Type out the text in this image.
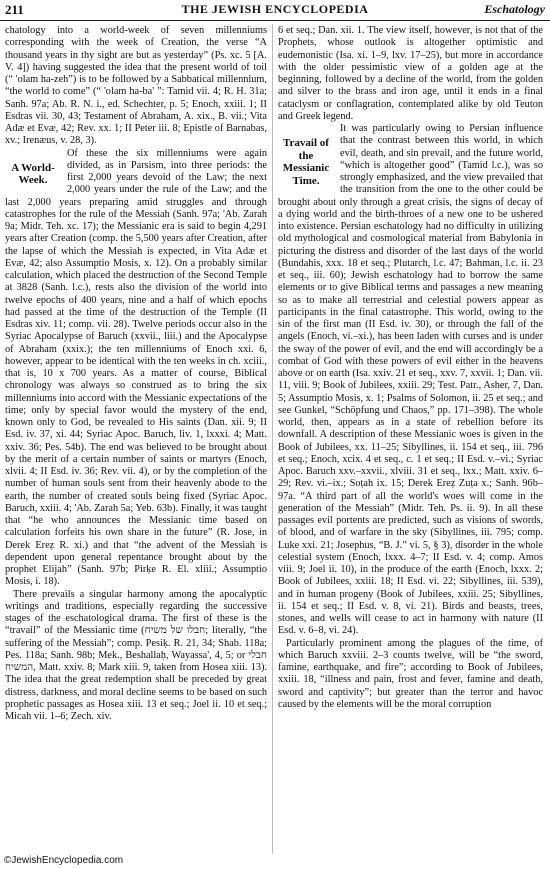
211	THE JEWISH ENCYCLOPEDIA	Eschatology

chatology into a world-week of seven millenniums corresponding with the week of Creation, the verse “A thousand years in thy sight are but as yesterday” (Ps. xc. 5 [A. V. 4]) having suggested the idea that the present world of toil (“ 'olam ha-zeh”) is to be followed by a Sabbatical millennium, “the world to come” (“ 'olam ha-ba' ”: Tamid vii. 4; R. H. 31a; Sanh. 97a; Ab. R. N. i., ed. Schechter, p. 5; Enoch, xxiii. 1; II Esdras vii. 30, 43; Testament of Abraham, A. xix., B. vii.; Vita Adæ et Evæ, 42; Rev. xx. 1; II Peter iii. 8; Epistle of Barnabas, xv.; Irenæus, v. 28, 3).

A World-Week.

Of these the six millenniums were again divided, as in Parsism, into three periods: the first 2,000 years devoid of the Law; the next 2,000 years under the rule of the Law; and the last 2,000 years preparing amid struggles and through catastrophes for the rule of the Messiah (Sanh. 97a; 'Ab. Zarah 9a; Midr. Teh. xc. 17); the Messianic era is said to begin 4,291 years after Creation (comp. the 5,500 years after Creation, after the lapse of which the Messiah is expected, in Vita Adæ et Evæ, 42; also Assumptio Mosis, x. 12). On a probably similar calculation, which placed the destruction of the Second Temple at 3828 (Sanh. l.c.), rests also the division of the world into twelve epochs of 400 years, nine and a half of which epochs had passed at the time of the destruction of the Temple (II Esdras xiv. 11; comp. vii. 28). Twelve periods occur also in the Syriac Apocalypse of Baruch (xxvii., liii.) and the Apocalypse of Abraham (xxix.); the ten millenniums of Enoch xxi. 6, however, appear to be identical with the ten weeks in ch. xciii., that is, 10 x 700 years. As a matter of course, Biblical chronology was always so construed as to bring the six millenniums into accord with the Messianic expectations of the time; only by special favor would the mystery of the end, known only to God, be revealed to His saints (Dan. xii. 9; II Esd. iv. 37, xi. 44; Syriac Apoc. Baruch, liv. 1, lxxxi. 4; Matt. xxiv. 36; Pes. 54b). The end was believed to be brought about by the merit of a certain number of saints or martyrs (Enoch, xlvii. 4; II Esd. iv. 36; Rev. vii. 4), or by the completion of the number of human souls sent from their heavenly abode to the earth, the number of created souls being fixed (Syriac Apoc. Baruch, xxiii. 4; 'Ab. Zarah 5a; Yeb. 63b). Finally, it was taught that “he who announces the Messianic time based on calculation forfeits his own share in the future” (R. Jose, in Derek Ereẓ R. xi.) and that “the advent of the Messiah is dependent upon general repentance brought about by the prophet Elijah” (Sanh. 97b; Pirḳe R. El. xliii.; Assumptio Mosis, i. 18).

There prevails a singular harmony among the apocalyptic writings and traditions, especially regarding the successive stages of the eschatological drama. The first of these is the “travail” of the Messianic time (חבלו של משיח; literally, “the suffering of the Messiah”; comp. Pesiḳ. R. 21, 34; Shab. 118a; Pes. 118a; Sanh. 98b; Mek., Beshallaḥ, Wayassa', 4, 5; or חבלי המשיח, Matt. xxiv. 8; Mark xiii. 9, taken from Hosea xiii. 13). The idea that the great redemption shall be preceded by great distress, darkness, and moral decline seems to be based on such prophetic passages as Hosea xiii. 13 et seq.; Joel ii. 10 et seq.; Micah vii. 1–6; Zech. xiv.

6 et seq.; Dan. xii. 1. The view itself, however, is not that of the Prophets, whose outlook is altogether optimistic and eudemonistic (Isa. xi. 1–9, lxv. 17–25), but more in accordance with the older pessimistic view of a golden age at the beginning, followed by a decline of the world, from the golden and silver to the brass and iron age, until it ends in a final cataclysm or conflagration, contemplated alike by old Teuton and Greek legend.

Travail of the Messianic Time.

It was particularly owing to Persian influence that the contrast between this world, in which evil, death, and sin prevail, and the future world, “which is altogether good” (Tamid l.c.), was so strongly emphasized, and the view prevailed that the transition from the one to the other could be brought about only through a great crisis, the signs of decay of a dying world and the birth-throes of a new one to be ushered into existence. Persian eschatology had no difficulty in utilizing old mythological and cosmological material from Babylonia in picturing the distress and disorder of the last days of the world (Bundahis, xxx. 18 et seq.; Plutarch, l.c. 47; Bahman, l.c. ii. 23 et seq., iii. 60); Jewish eschatology had to borrow the same elements or to give Biblical terms and passages a new meaning so as to make all terrestrial and celestial powers appear as participants in the final catastrophe. This world, owing to the sin of the first man (II Esd. iv. 30), or through the fall of the angels (Enoch, vi.–xi.), has been laden with curses and is under the sway of the power of evil, and the end will accordingly be a combat of God with these powers of evil either in the heavens above or on earth (Isa. xxiv. 21 et seq., xxv. 7, xxvii. 1; Dan. vii. 11, viii. 9; Book of Jubilees, xxiii. 29; Test. Patr., Asher, 7, Dan. 5; Assumptio Mosis, x. 1; Psalms of Solomon, ii. 25 et seq.; and see Gunkel, “Schöpfung und Chaos,” pp. 171–398). The whole world, then, appears as in a state of rebellion before its downfall. A description of these Messianic woes is given in the Book of Jubilees, xx. 11–25; Sibyllines, ii. 154 et seq., iii. 796 et seq.; Enoch, xcix. 4 et seq., c. 1 et seq.; II Esd. v.–vi.; Syriac Apoc. Baruch xxv.–xxvii., xlviii. 31 et seq., lxx.; Matt. xxiv. 6–29; Rev. vi.–ix.; Soṭah ix. 15; Derek Ereẓ Zuṭa x.; Sanh. 96b–97a. “A third part of all the world's woes will come in the generation of the Messiah” (Midr. Teh. Ps. ii. 9). In all these passages evil portents are predicted, such as visions of swords, of blood, and of warfare in the sky (Sibyllines, iii. 795; comp. Luke xxi. 21; Josephus, “B. J.” vi. 5, § 3), disorder in the whole celestial system (Enoch, lxxx. 4–7; II Esd. v. 4; comp. Amos viii. 9; Joel ii. 10), in the produce of the earth (Enoch, lxxx. 2; Book of Jubilees, xxiii. 18; II Esd. vi. 22; Sibyllines, iii. 539), and in human progeny (Book of Jubilees, xxiii. 25; Sibyllines, ii. 154 et seq.; II Esd. v. 8, vi. 21). Birds and beasts, trees, stones, and wells will cease to act in harmony with nature (II Esd. v. 6–8, vi. 24).

Particularly prominent among the plagues of the time, of which Baruch xxviii. 2–3 counts twelve, will be “the sword, famine, earthquake, and fire”; according to Book of Jubilees, xxiii. 18, “illness and pain, frost and fever, famine and death, sword and captivity”; but greater than the terror and havoc caused by the elements will be the moral corruption

©JewishEncyclopedia.com
